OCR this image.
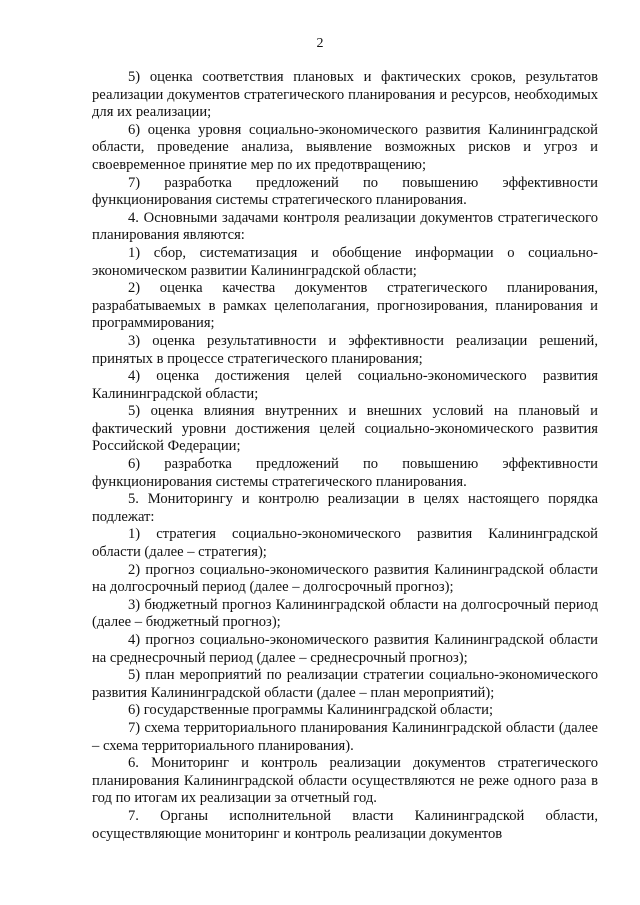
2

5) оценка соответствия плановых и фактических сроков, результатов реализации документов стратегического планирования и ресурсов, необходимых для их реализации;

6) оценка уровня социально-экономического развития Калининградской области, проведение анализа, выявление возможных рисков и угроз и своевременное принятие мер по их предотвращению;

7) разработка предложений по повышению эффективности функционирования системы стратегического планирования.

4. Основными задачами контроля реализации документов стратегического планирования являются:

1) сбор, систематизация и обобщение информации о социально-экономическом развитии Калининградской области;

2) оценка качества документов стратегического планирования, разрабатываемых в рамках целеполагания, прогнозирования, планирования и программирования;

3) оценка результативности и эффективности реализации решений, принятых в процессе стратегического планирования;

4) оценка достижения целей социально-экономического развития Калининградской области;

5) оценка влияния внутренних и внешних условий на плановый и фактический уровни достижения целей социально-экономического развития Российской Федерации;

6) разработка предложений по повышению эффективности функционирования системы стратегического планирования.

5. Мониторингу и контролю реализации в целях настоящего порядка подлежат:

1) стратегия социально-экономического развития Калининградской области (далее – стратегия);

2) прогноз социально-экономического развития Калининградской области на долгосрочный период (далее – долгосрочный прогноз);

3) бюджетный прогноз Калининградской области на долгосрочный период (далее – бюджетный прогноз);

4) прогноз социально-экономического развития Калининградской области на среднесрочный период (далее – среднесрочный прогноз);

5) план мероприятий по реализации стратегии социально-экономического развития Калининградской области (далее – план мероприятий);

6) государственные программы Калининградской области;

7) схема территориального планирования Калининградской области (далее – схема территориального планирования).

6. Мониторинг и контроль реализации документов стратегического планирования Калининградской области осуществляются не реже одного раза в год по итогам их реализации за отчетный год.

7. Органы исполнительной власти Калининградской области, осуществляющие мониторинг и контроль реализации документов
